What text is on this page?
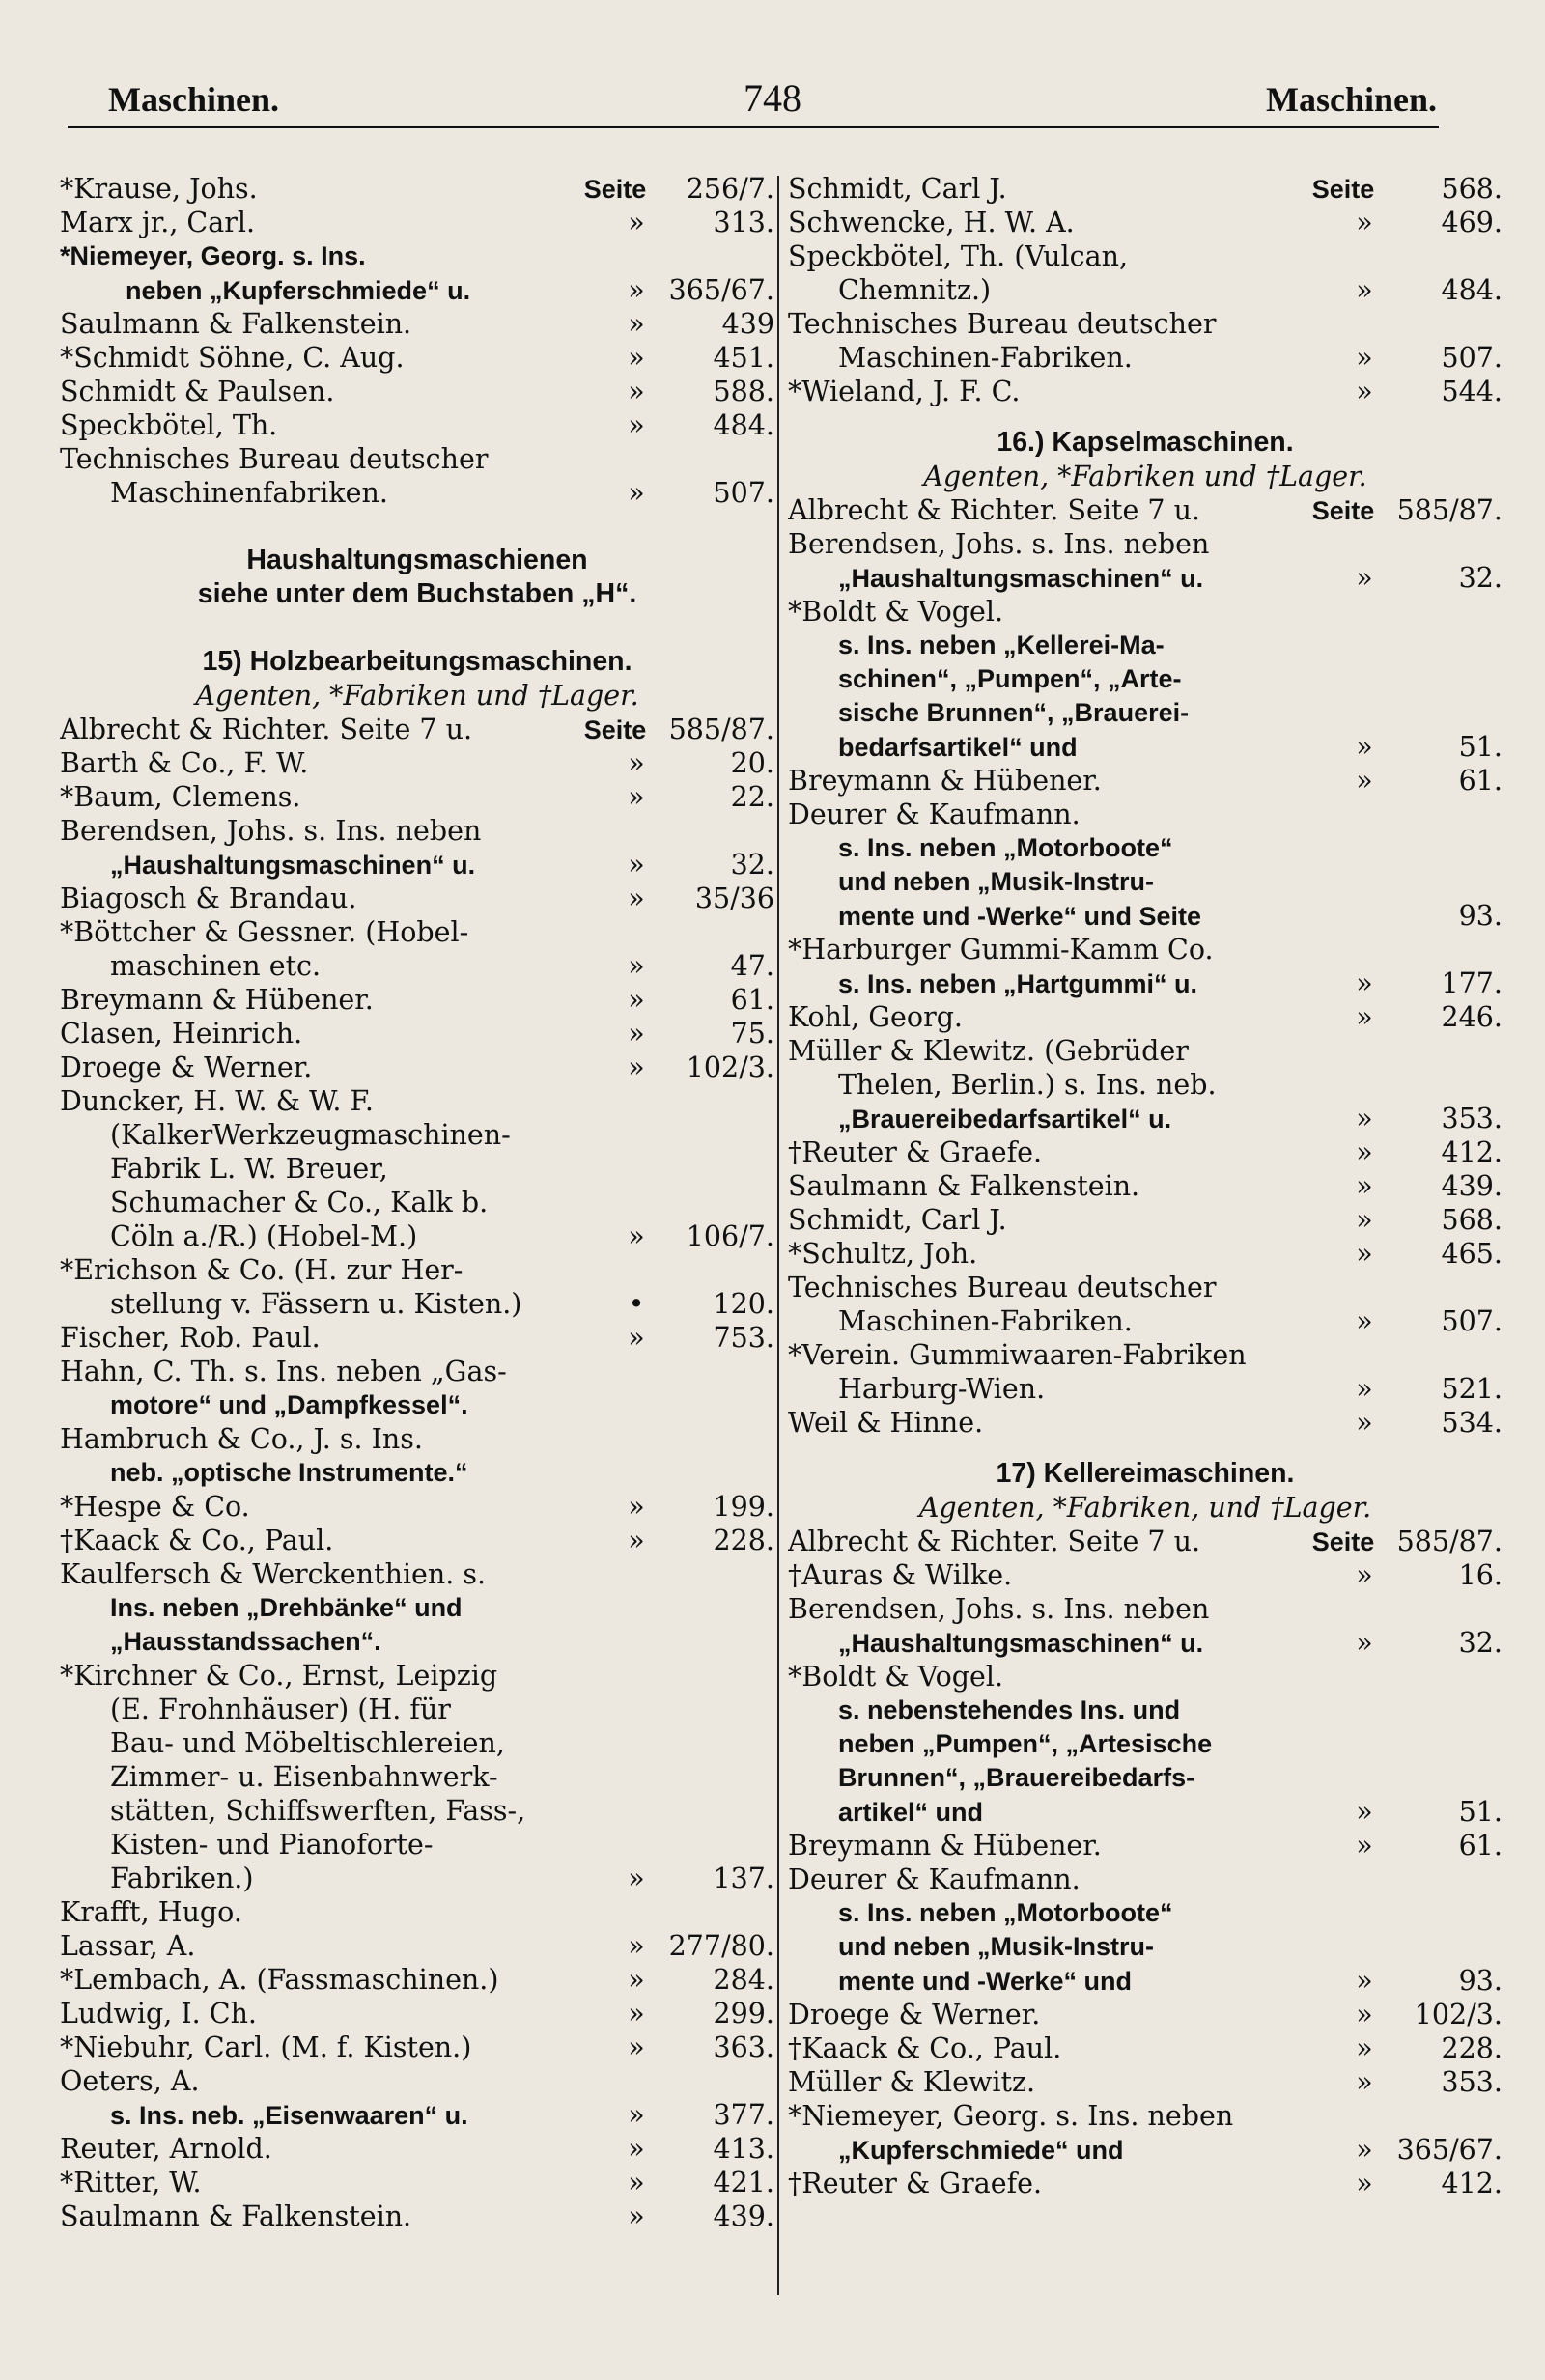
Maschinen.	748	Maschinen.
*Krause, Johs.	Seite	256/7.
Marx jr., Carl.	»	313.
*Niemeyer, Georg. s. Ins.
neben „Kupferschmiede“ u.	» 365/67.
Saulmann & Falkenstein.	»	439
*Schmidt Söhne, C. Aug.	»	451.
Schmidt & Paulsen.	»	588.
Speckbötel, Th.	»	484.
Technisches Bureau deutscher
Maschinenfabriken.	»	507.
Haushaltungsmaschienen
siehe unter dem Buchstaben „H“.
15) Holzbearbeitungsmaschinen.
Agenten, *Fabriken und †Lager.
Albrecht & Richter. Seite 7 u.	Seite 585/87.
Barth & Co., F. W.	»	20.
*Baum, Clemens.	»	22.
Berendsen, Johs. s. Ins. neben
„Haushaltungsmaschinen“ u.	»	32.
Biagosch & Brandau.	»	35/36
*Böttcher & Gessner. (Hobel-
maschinen etc.	»	47.
Breymann & Hübener.	»	61.
Clasen, Heinrich.	»	75.
Droege & Werner.	»	102/3.
Duncker, H. W. & W. F.
(KalkerWerkzeugmaschinen-
Fabrik L. W. Breuer,
Schumacher & Co., Kalk b.
Cöln a./R.) (Hobel-M.)	»	106/7.
*Erichson & Co. (H. zur Her-
stellung v. Fässern u. Kisten.)	•	120.
Fischer, Rob. Paul.	»	753.
Hahn, C. Th. s. Ins. neben „Gas-
motore“ und „Dampfkessel“.
Hambruch & Co., J. s. Ins.
neb. „optische Instrumente.“
*Hespe & Co.	»	199.
†Kaack & Co., Paul.	»	228.
Kaulfersch & Werckenthien. s.
Ins. neben „Drehbänke“ und
„Hausstandssachen“.
*Kirchner & Co., Ernst, Leipzig
(E. Frohnhäuser) (H. für
Bau- und Möbeltischlereien,
Zimmer- u. Eisenbahnwerk-
stätten, Schiffswerften, Fass-,
Kisten- und Pianoforte-
Fabriken.)	»	137.
Krafft, Hugo.
Lassar, A.	» 277/80.
*Lembach, A. (Fassmaschinen.)	»	284.
Ludwig, I. Ch.	»	299.
*Niebuhr, Carl. (M. f. Kisten.)	»	363.
Oeters, A.
s. Ins. neb. „Eisenwaaren“ u.	»	377.
Reuter, Arnold.	»	413.
*Ritter, W.	»	421.
Saulmann & Falkenstein.	»	439.
Schmidt, Carl J.	Seite	568.
Schwencke, H. W. A.	»	469.
Speckbötel, Th. (Vulcan,
Chemnitz.)	»	484.
Technisches Bureau deutscher
Maschinen-Fabriken.	»	507.
*Wieland, J. F. C.	»	544.
16.) Kapselmaschinen.
Agenten, *Fabriken und †Lager.
Albrecht & Richter. Seite 7 u.	Seite 585/87.
Berendsen, Johs. s. Ins. neben
„Haushaltungsmaschinen“ u.	»	32.
*Boldt & Vogel.
s. Ins. neben „Kellerei-Ma-
schinen“, „Pumpen“, „Arte-
sische Brunnen“, „Brauerei-
bedarfsartikel“ und	»	51.
Breymann & Hübener.	»	61.
Deurer & Kaufmann.
s. Ins. neben „Motorboote“
und neben „Musik-Instru-
mente und -Werke“ und Seite	93.
*Harburger Gummi-Kamm Co.
s. Ins. neben „Hartgummi“ u.	»	177.
Kohl, Georg.	»	246.
Müller & Klewitz. (Gebrüder
Thelen, Berlin.) s. Ins. neb.
„Brauereibedarfsartikel“ u.	»	353.
†Reuter & Graefe.	»	412.
Saulmann & Falkenstein.	»	439.
Schmidt, Carl J.	»	568.
*Schultz, Joh.	»	465.
Technisches Bureau deutscher
Maschinen-Fabriken.	»	507.
*Verein. Gummiwaaren-Fabriken
Harburg-Wien.	»	521.
Weil & Hinne.	»	534.
17) Kellereimaschinen.
Agenten, *Fabriken, und †Lager.
Albrecht & Richter. Seite 7 u.	Seite 585/87.
†Auras & Wilke.	»	16.
Berendsen, Johs. s. Ins. neben
„Haushaltungsmaschinen“ u.	»	32.
*Boldt & Vogel.
s. nebenstehendes Ins. und
neben „Pumpen“, „Artesische
Brunnen“, „Brauereibedarfs-
artikel“ und	»	51.
Breymann & Hübener.	»	61.
Deurer & Kaufmann.
s. Ins. neben „Motorboote“
und neben „Musik-Instru-
mente und -Werke“ und	»	93.
Droege & Werner.	»	102/3.
†Kaack & Co., Paul.	»	228.
Müller & Klewitz.	»	353.
*Niemeyer, Georg. s. Ins. neben
„Kupferschmiede“ und	» 365/67.
†Reuter & Graefe.	»	412.
